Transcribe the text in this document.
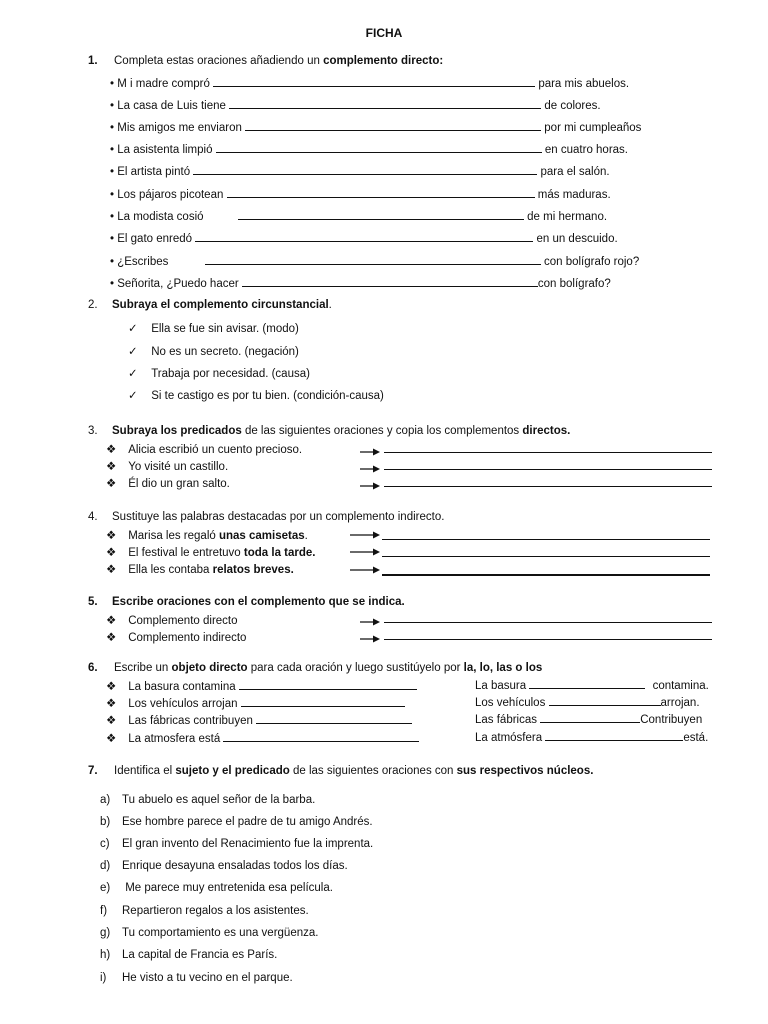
FICHA
1. Completa estas oraciones añadiendo un complemento directo:
• M i madre compró	para mis abuelos.
• La casa de Luis tiene	de colores.
• Mis amigos me enviaron	por mi cumpleaños
• La asistenta limpió	en cuatro horas.
• El artista pintó	para el salón.
• Los pájaros picotean	más maduras.
• La modista cosió	de mi hermano.
• El gato enredó	en un descuido.
• ¿Escribes	con bolígrafo rojo?
• Señorita, ¿Puedo hacer	con bolígrafo?
2. Subraya el complemento circunstancial.
✓ Ella se fue sin avisar. (modo)
✓ No es un secreto. (negación)
✓ Trabaja por necesidad. (causa)
✓ Si te castigo es por tu bien. (condición-causa)
3. Subraya los predicados de las siguientes oraciones y copia los complementos directos.
❖ Alicia escribió un cuento precioso.
❖ Yo visité un castillo.
❖ Él dio un gran salto.
4. Sustituye las palabras destacadas por un complemento indirecto.
❖ Marisa les regaló unas camisetas.
❖ El festival le entretuvo toda la tarde.
❖ Ella les contaba relatos breves.
5. Escribe oraciones con el complemento que se indica.
❖ Complemento directo
❖ Complemento indirecto
6. Escribe un objeto directo para cada oración y luego sustitúyelo por la, lo, las o los
❖ La basura contamina	La basura	contamina.
❖ Los vehículos arrojan	Los vehículos	arrojan.
❖ Las fábricas contribuyen	Las fábricas	Contribuyen
❖ La atmosfera está	La atmósfera	está.
7. Identifica el sujeto y el predicado de las siguientes oraciones con sus respectivos núcleos.
a) Tu abuelo es aquel señor de la barba.
b) Ese hombre parece el padre de tu amigo Andrés.
c) El gran invento del Renacimiento fue la imprenta.
d) Enrique desayuna ensaladas todos los días.
e) Me parece muy entretenida esa película.
f) Repartieron regalos a los asistentes.
g) Tu comportamiento es una vergüenza.
h) La capital de Francia es París.
i) He visto a tu vecino en el parque.
